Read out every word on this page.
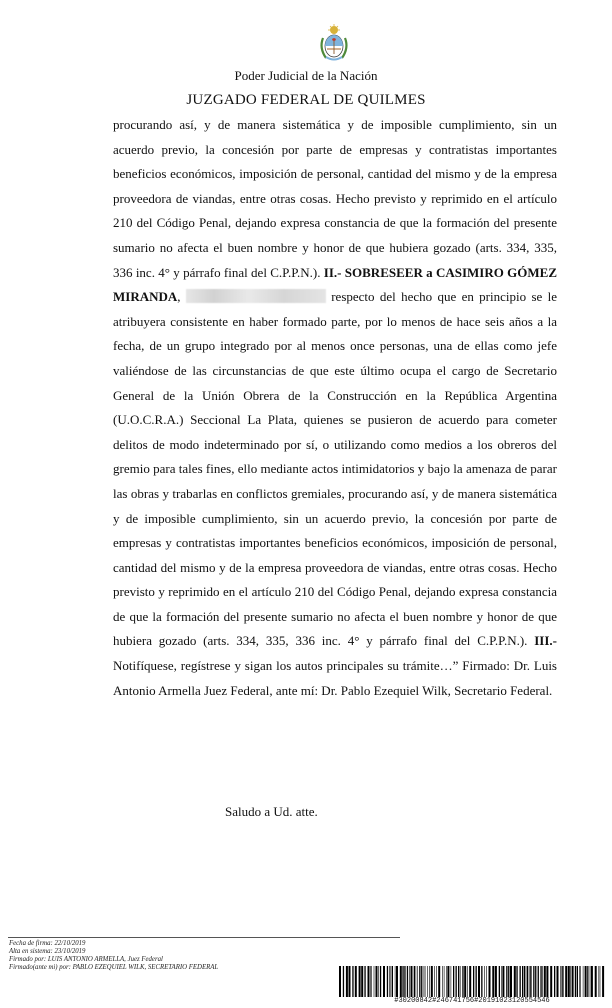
Poder Judicial de la Nación
JUZGADO FEDERAL DE QUILMES

procurando así, y de manera sistemática y de imposible cumplimiento, sin un acuerdo previo, la concesión por parte de empresas y contratistas importantes beneficios económicos, imposición de personal, cantidad del mismo y de la empresa proveedora de viandas, entre otras cosas. Hecho previsto y reprimido en el artículo 210 del Código Penal, dejando expresa constancia de que la formación del presente sumario no afecta el buen nombre y honor de que hubiera gozado (arts. 334, 335, 336 inc. 4° y párrafo final del C.P.P.N.). II.- SOBRESEER a CASIMIRO GÓMEZ MIRANDA,	respecto del hecho que en principio se le atribuyera consistente en haber formado parte, por lo menos de hace seis años a la fecha, de un grupo integrado por al menos once personas, una de ellas como jefe valiéndose de las circunstancias de que este último ocupa el cargo de Secretario General de la Unión Obrera de la Construcción en la República Argentina (U.O.C.R.A.) Seccional La Plata, quienes se pusieron de acuerdo para cometer delitos de modo indeterminado por sí, o utilizando como medios a los obreros del gremio para tales fines, ello mediante actos intimidatorios y bajo la amenaza de parar las obras y trabarlas en conflictos gremiales, procurando así, y de manera sistemática y de imposible cumplimiento, sin un acuerdo previo, la concesión por parte de empresas y contratistas importantes beneficios económicos, imposición de personal, cantidad del mismo y de la empresa proveedora de viandas, entre otras cosas. Hecho previsto y reprimido en el artículo 210 del Código Penal, dejando expresa constancia de que la formación del presente sumario no afecta el buen nombre y honor de que hubiera gozado (arts. 334, 335, 336 inc. 4° y párrafo final del C.P.P.N.). III.- Notifíquese, regístrese y sigan los autos principales su trámite…” Firmado: Dr. Luis Antonio Armella Juez Federal, ante mí: Dr. Pablo Ezequiel Wilk, Secretario Federal.

Saludo a Ud. atte.
Fecha de firma: 22/10/2019
Alta en sistema: 23/10/2019
Firmado por: LUIS ANTONIO ARMELLA, Juez Federal
Firmado(ante mi) por: PABLO EZEQUIEL WILK, SECRETARIO FEDERAL
#30200842#246741756#20191023120554546
